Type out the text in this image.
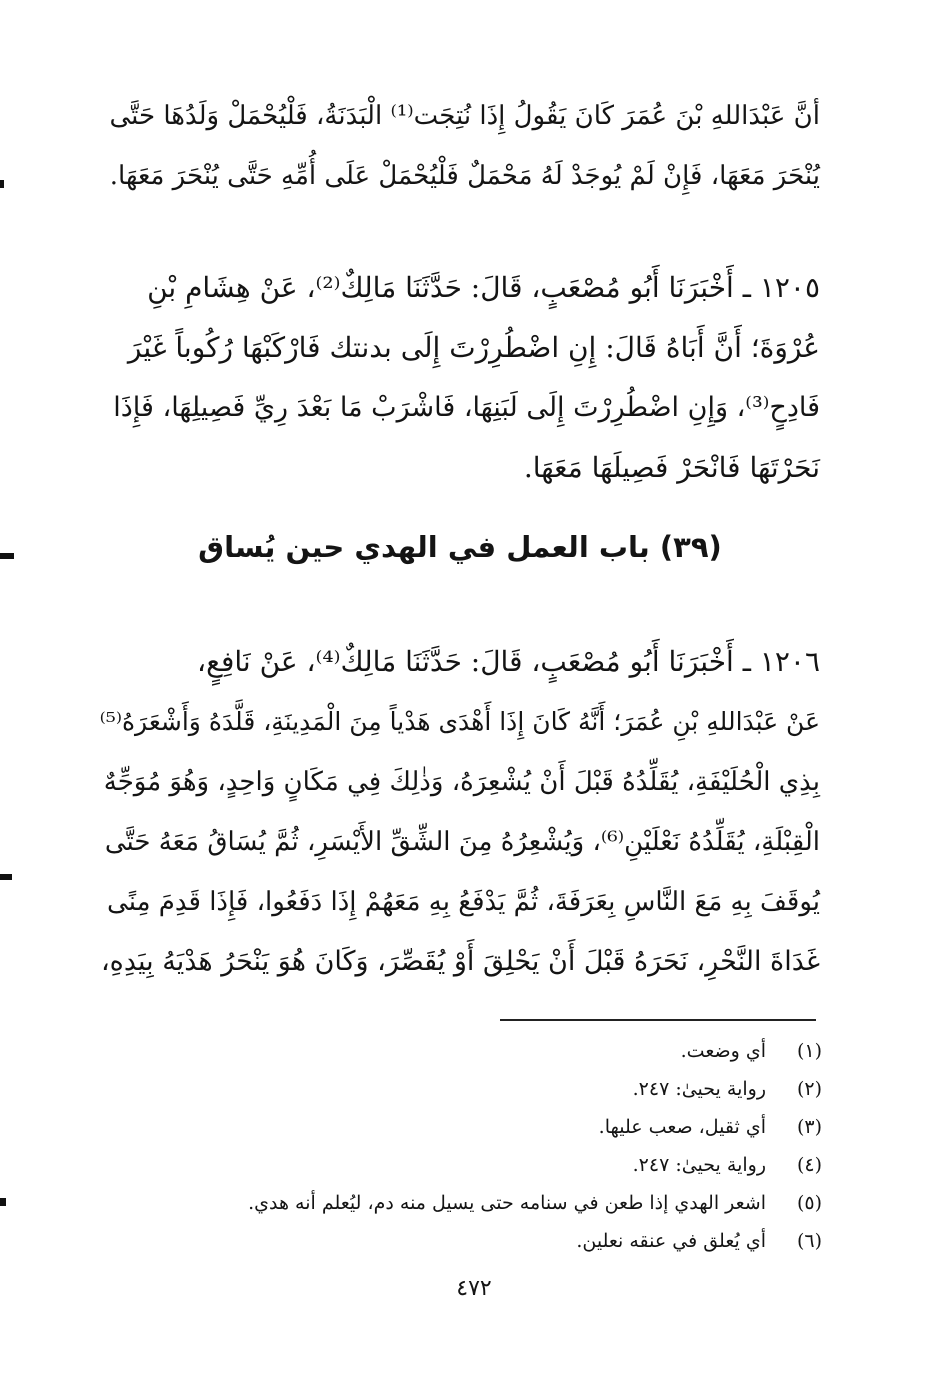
أنَّ عَبْدَاللهِ بْنَ عُمَرَ كَانَ يَقُولُ إِذَا نُتِجَت⁽¹⁾ الْبَدَنَةُ، فَلْيُحْمَلْ وَلَدُهَا حَتَّى
يُنْحَرَ مَعَهَا، فَإِنْ لَمْ يُوجَدْ لَهُ مَحْمَلٌ فَلْيُحْمَلْ عَلَى أُمِّهِ حَتَّى يُنْحَرَ مَعَهَا.

١٢٠٥ ـ أَخْبَرَنَا أَبُو مُصْعَبٍ، قَالَ: حَدَّثَنَا مَالِكٌ⁽²⁾، عَنْ هِشَامِ بْنِ
عُرْوَةَ؛ أَنَّ أَبَاهُ قَالَ: إِنِ اضْطُرِرْتَ إِلَى بدنتك فَارْكَبْهَا رُكُوباً غَيْرَ
فَادِحٍ⁽³⁾، وَإِنِ اضْطُرِرْتَ إِلَى لَبَنِهَا، فَاشْرَبْ مَا بَعْدَ رِيِّ فَصِيلِهَا، فَإِذَا
نَحَرْتَهَا فَانْحَرْ فَصِيلَهَا مَعَهَا.

(٣٩) باب العمل في الهدي حين يُساق

١٢٠٦ ـ أَخْبَرَنَا أَبُو مُصْعَبٍ، قَالَ: حَدَّثَنَا مَالِكٌ⁽⁴⁾، عَنْ نَافِعٍ،
عَنْ عَبْدَاللهِ بْنِ عُمَرَ؛ أَنَّهُ كَانَ إِذَا أَهْدَى هَدْياً مِنَ الْمَدِينَةِ، قَلَّدَهُ وَأَشْعَرَهُ⁽⁵⁾
بِذِي الْحُلَيْفَةِ، يُقَلِّدُهُ قَبْلَ أَنْ يُشْعِرَهُ، وَذٰلِكَ فِي مَكَانٍ وَاحِدٍ، وَهُوَ مُوَجِّهٌ
الْقِبْلَةِ، يُقَلِّدُهُ نَعْلَيْنِ⁽⁶⁾، وَيُشْعِرُهُ مِنَ الشِّقِّ الأَيْسَرِ، ثُمَّ يُسَاقُ مَعَهُ حَتَّى
يُوقَفَ بِهِ مَعَ النَّاسِ بِعَرَفَةَ، ثُمَّ يَدْفَعُ بِهِ مَعَهُمْ إِذَا دَفَعُوا، فَإِذَا قَدِمَ مِنًى
غَدَاةَ النَّحْرِ، نَحَرَهُ قَبْلَ أَنْ يَحْلِقَ أَوْ يُقَصِّرَ، وَكَانَ هُوَ يَنْحَرُ هَدْيَهُ بِيَدِهِ،

(١)
أي وضعت.
(٢)
رواية يحيىٰ: ٢٤٧.
(٣)
أي ثقيل، صعب عليها.
(٤)
رواية يحيىٰ: ٢٤٧.
(٥)
اشعر الهدي إذا طعن في سنامه حتى يسيل منه دم، ليُعلم أنه هدي.
(٦)
أي يُعلق في عنقه نعلين.
٤٧٢
